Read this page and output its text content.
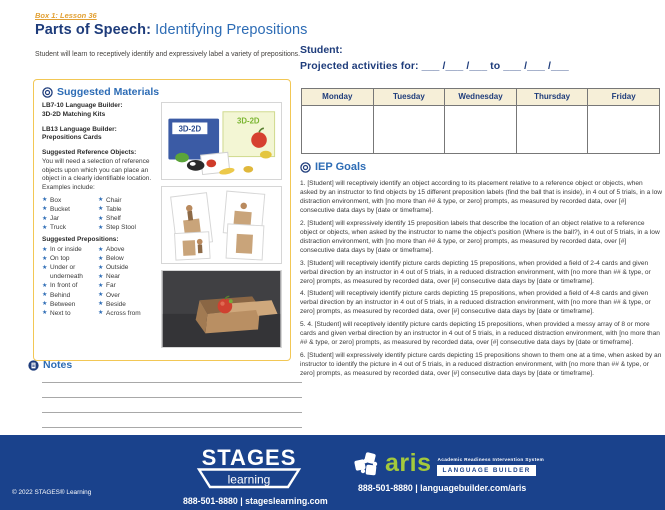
Box 1: Lesson 36
Parts of Speech: Identifying Prepositions
Student will learn to receptively identify and expressively label a variety of prepositions.
Suggested Materials
LB7-10 Language Builder:
3D-2D Matching Kits
LB13 Language Builder:
Prepositions Cards
Suggested Reference Objects:
You will need a selection of reference objects upon which you can place an object in a clearly identifiable location. Examples include:
★ Box
★ Bucket
★ Jar
★ Truck
★ Chair
★ Table
★ Shelf
★ Step Stool
Suggested Prepositions:
★ In or inside
★ On top
★ Under or underneath
★ In front of
★ Behind
★ Between
★ Next to
★ Above
★ Below
★ Outside
★ Near
★ Far
★ Over
★ Beside
★ Across from
3D-2D
3D-2D
Notes
Student:
Projected activities for: ___ /___ /___ to ___ /___ /___
Monday	Tuesday	Wednesday	Thursday	Friday
IEP Goals

1. [Student] will receptively identify an object according to its placement relative to a reference object or objects, when asked by an instructor to find objects by 15 different preposition labels (find the ball that is inside), in 4 out of 5 trials, in a low distraction environment, with [no more than ## & type, or zero] prompts, as measured by recorded data, over [#] consecutive data days by [date or timeframe].

2. [Student] will expressively identify 15 preposition labels that describe the location of an object relative to a reference object or objects, when asked by the instructor to name the object's position (Where is the ball?), in 4 out of 5 trials, in a low distraction environment, with [no more than ## & type, or zero] prompts, as measured by recorded data, over [#] consecutive data days by [date or timeframe].

3. [Student] will receptively identify picture cards depicting 15 prepositions, when provided a field of 2-4 cards and given verbal direction by an instructor in 4 out of 5 trials, in a reduced distraction environment, with [no more than ## & type, or zero] prompts, as measured by recorded data, over [#] consecutive data days by [date or timeframe].

4. [Student] will receptively identify picture cards depicting 15 prepositions, when provided a field of 4-8 cards and given verbal direction by an instructor in 4 out of 5 trials, in a reduced distraction environment, with [no more than ## & type, or zero] prompts, as measured by recorded data, over [#] consecutive data days by [date or timeframe].

5. 4. [Student] will receptively identify picture cards depicting 15 prepositions, when provided a messy array of 8 or more cards and given verbal direction by an instructor in 4 out of 5 trials, in a reduced distraction environment, with [no more than ## & type, or zero] prompts, as measured by recorded data, over [#] consecutive data days by [date or timeframe].

6. [Student] will expressively identify picture cards depicting 15 prepositions shown to them one at a time, when asked by an instructor to identify the picture in 4 out of 5 trials, in a reduced distraction environment, with [no more than ## & type, or zero] prompts, as measured by recorded data, over [#] consecutive data days by [date or timeframe].

© 2022 STAGES® Learning
STAGES
learning
888-501-8880 | stageslearning.com
aris Academic Readiness Intervention System
LANGUAGE BUILDER
888-501-8880 | languagebuilder.com/aris
